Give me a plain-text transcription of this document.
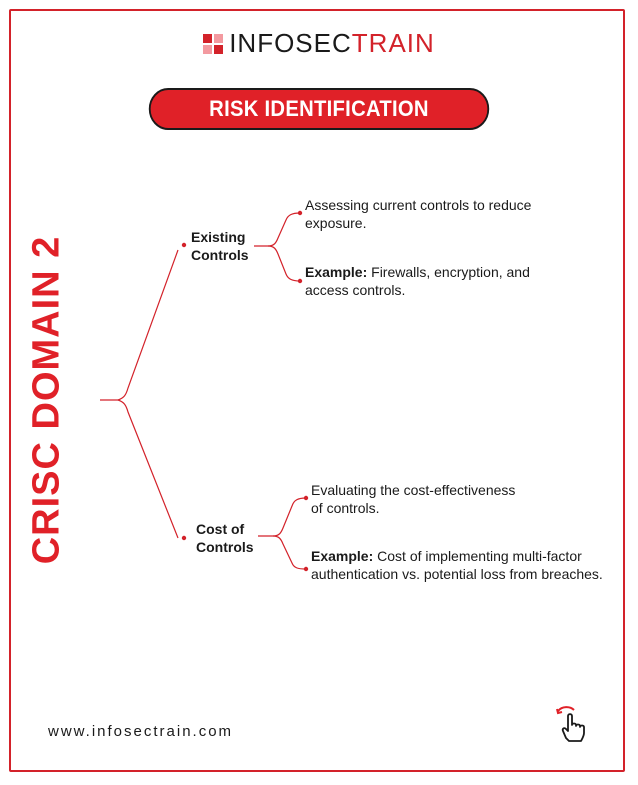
INFOSECTRAIN
RISK IDENTIFICATION
CRISC DOMAIN 2	Existing
Controls
Assessing current controls to reduce
exposure.
Example: Firewalls, encryption, and
access controls.
Cost of
Controls
Evaluating the cost-effectiveness
of controls.
Example: Cost of implementing multi-factor
authentication vs. potential loss from breaches.
www.infosectrain.com
